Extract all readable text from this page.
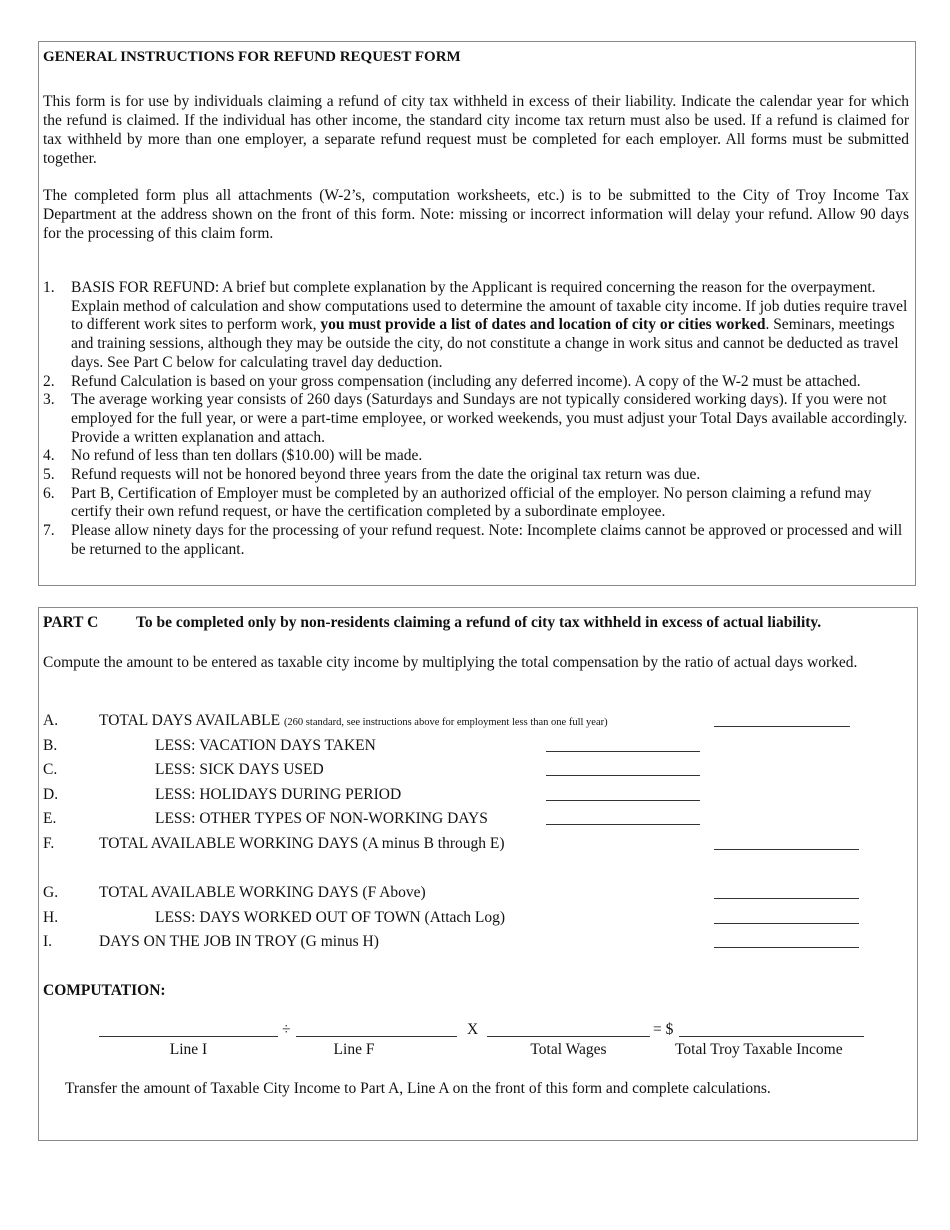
GENERAL INSTRUCTIONS FOR REFUND REQUEST FORM
This form is for use by individuals claiming a refund of city tax withheld in excess of their liability. Indicate the calendar year for which the refund is claimed. If the individual has other income, the standard city income tax return must also be used. If a refund is claimed for tax withheld by more than one employer, a separate refund request must be completed for each employer. All forms must be submitted together.
The completed form plus all attachments (W-2’s, computation worksheets, etc.) is to be submitted to the City of Troy Income Tax Department at the address shown on the front of this form. Note: missing or incorrect information will delay your refund. Allow 90 days for the processing of this claim form.
1. BASIS FOR REFUND: A brief but complete explanation by the Applicant is required concerning the reason for the overpayment. Explain method of calculation and show computations used to determine the amount of taxable city income. If job duties require travel to different work sites to perform work, you must provide a list of dates and location of city or cities worked. Seminars, meetings and training sessions, although they may be outside the city, do not constitute a change in work situs and cannot be deducted as travel days. See Part C below for calculating travel day deduction.
2. Refund Calculation is based on your gross compensation (including any deferred income). A copy of the W-2 must be attached.
3. The average working year consists of 260 days (Saturdays and Sundays are not typically considered working days). If you were not employed for the full year, or were a part-time employee, or worked weekends, you must adjust your Total Days available accordingly. Provide a written explanation and attach.
4. No refund of less than ten dollars ($10.00) will be made.
5. Refund requests will not be honored beyond three years from the date the original tax return was due.
6. Part B, Certification of Employer must be completed by an authorized official of the employer. No person claiming a refund may certify their own refund request, or have the certification completed by a subordinate employee.
7. Please allow ninety days for the processing of your refund request. Note: Incomplete claims cannot be approved or processed and will be returned to the applicant.
PART C To be completed only by non-residents claiming a refund of city tax withheld in excess of actual liability.
Compute the amount to be entered as taxable city income by multiplying the total compensation by the ratio of actual days worked.
A.	TOTAL DAYS AVAILABLE (260 standard, see instructions above for employment less than one full year)
B.	LESS: VACATION DAYS TAKEN
C.	LESS: SICK DAYS USED
D.	LESS: HOLIDAYS DURING PERIOD
E.	LESS: OTHER TYPES OF NON-WORKING DAYS
F.	TOTAL AVAILABLE WORKING DAYS (A minus B through E)
G.	TOTAL AVAILABLE WORKING DAYS (F Above)
H.	LESS: DAYS WORKED OUT OF TOWN (Attach Log)
I.	DAYS ON THE JOB IN TROY (G minus H)
COMPUTATION:
÷	X	= $
Line I	Line F	Total Wages	Total Troy Taxable Income
Transfer the amount of Taxable City Income to Part A, Line A on the front of this form and complete calculations.
